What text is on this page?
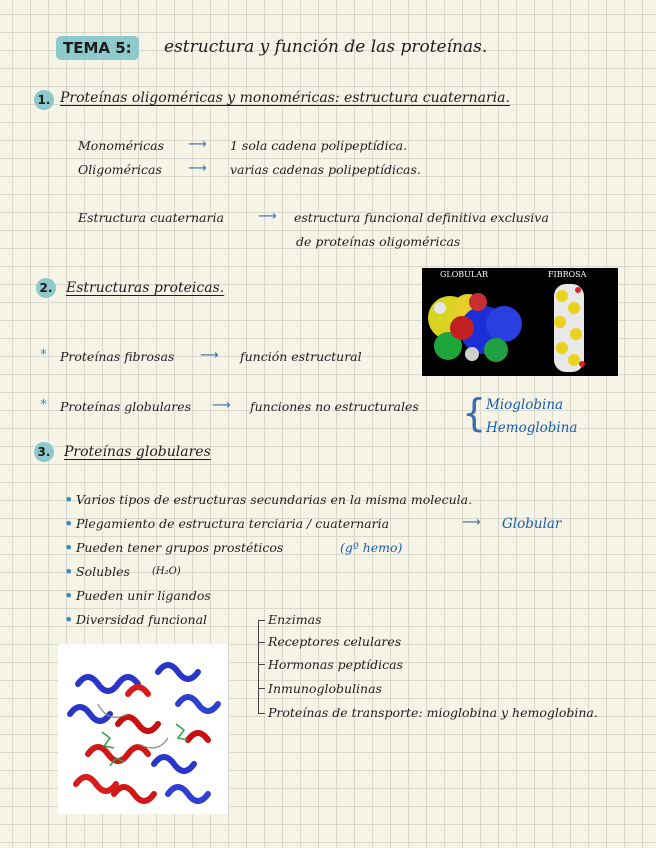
TEMA 5:	estructura y función de las proteínas.
1. Proteínas oligoméricas y monoméricas: estructura cuaternaria.
Monoméricas ⟶ 1 sola cadena polipeptídica.
Oligoméricas ⟶ varias cadenas polipeptídicas.
Estructura cuaternaria	⟶ estructura funcional definitiva exclusiva
de proteínas oligoméricas
GLOBULAR	FIBROSA
2. Estructuras proteicas.
* Proteínas fibrosas ⟶ función estructural
* Proteínas globulares ⟶ funciones no estructurales { Mioglobina
Hemoglobina
3. Proteínas globulares
• Varios tipos de estructuras secundarias en la misma molecula.
• Plegamiento de estructura terciaria / cuaternaria	⟶ Globular
• Pueden tener grupos prostéticos	(gº hemo)
• Solubles (H₂O)
• Pueden unir ligandos
• Diversidad funcional	Enzimas
Receptores celulares
Hormonas peptídicas
Inmunoglobulinas
Proteínas de transporte: mioglobina y hemoglobina.
